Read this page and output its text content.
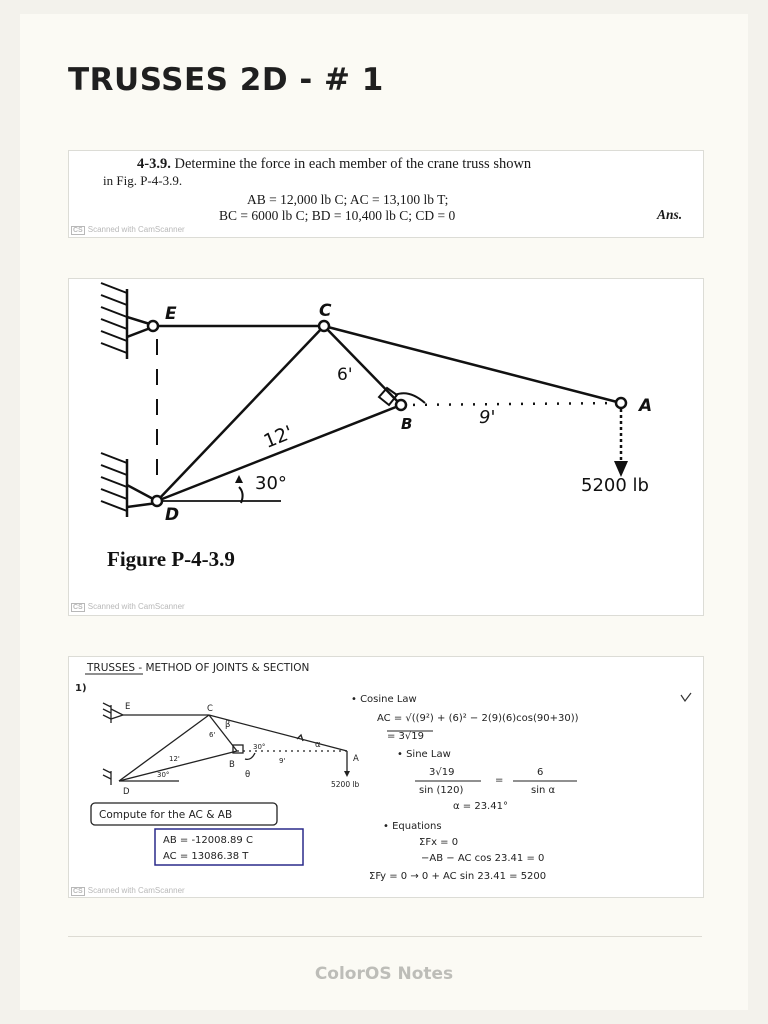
TRUSSES 2D - # 1
4-3.9. Determine the force in each member of the crane truss shown
in Fig. P-4-3.9.
AB = 12,000 lb C; AC = 13,100 lb T;
BC = 6000 lb C; BD = 10,400 lb C; CD = 0	Ans.
CS Scanned with CamScanner
E	C
B
A
D
6'
12'
9'
30°	5200 lb
Figure P-4-3.9
CS Scanned with CamScanner
TRUSSES - METHOD OF JOINTS & SECTION
1)
E	C
β
6'
12'
30°	α
9'	A
B
θ
30°
D
5200 lb
Compute for the AC & AB
AB = -12008.89 C
AC = 13086.38 T
• Cosine Law
AC = √((9²) + (6)² − 2(9)(6)cos(90+30))
= 3√19
• Sine Law
3√19
sin (120)
=
6
sin α
α = 23.41°
• Equations
ΣFx = 0
−AB − AC cos 23.41 = 0
ΣFy = 0 → 0 + AC sin 23.41 = 5200
CS Scanned with CamScanner
ColorOS Notes
